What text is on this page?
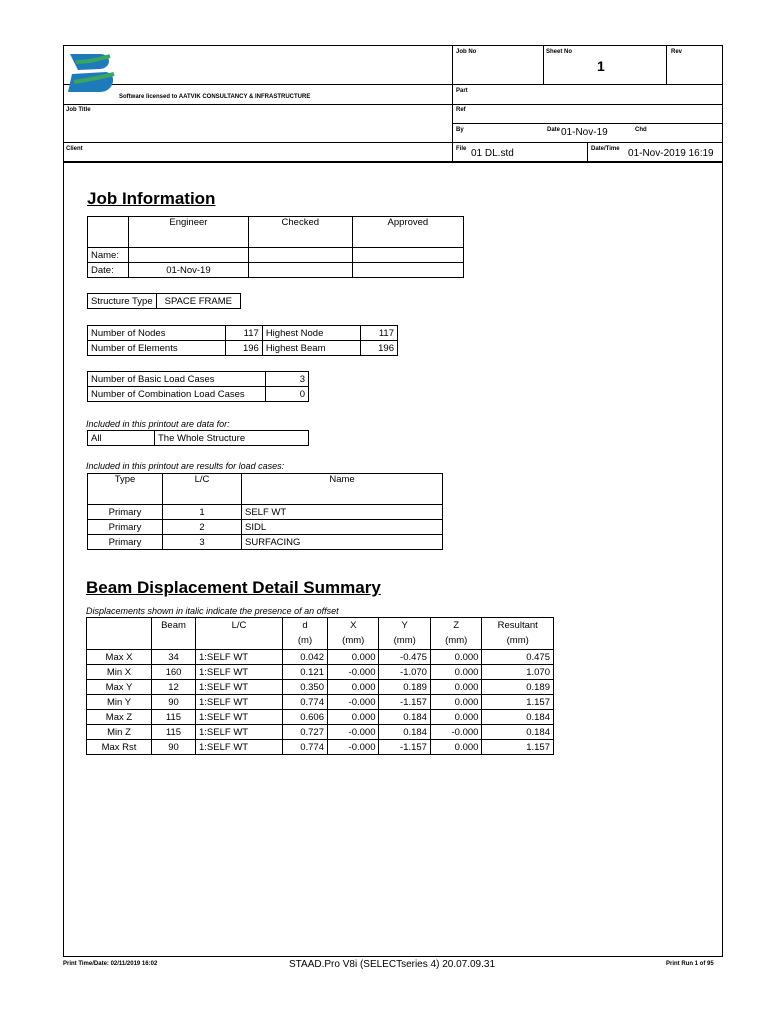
Software licensed to AATVIK CONSULTANCY & INFRASTRUCTURE
Job Title
Client
Job No	Sheet No
1
Rev
Part
Ref
By	Date 01-Nov-19	Chd
File 01 DL.std	Date/Time 01-Nov-2019 16:19
Job Information
	Engineer	Checked	Approved
Name:			
Date:	01-Nov-19		
Structure Type	SPACE FRAME
Number of Nodes	117	Highest Node	117
Number of Elements	196	Highest Beam	196
Number of Basic Load Cases	3
Number of Combination Load Cases	0
Included in this printout are data for:
All	The Whole Structure
Included in this printout are results for load cases:
Type	L/C	Name
Primary	1	SELF WT
Primary	2	SIDL
Primary	3	SURFACING
Beam Displacement Detail Summary
Displacements shown in italic indicate the presence of an offset
	Beam	L/C	d	X	Y	Z	Resultant
			(m)	(mm)	(mm)	(mm)	(mm)
Max X	34	1:SELF WT	0.042	0.000	-0.475	0.000	0.475
Min X	160	1:SELF WT	0.121	-0.000	-1.070	0.000	1.070
Max Y	12	1:SELF WT	0.350	0.000	0.189	0.000	0.189
Min Y	90	1:SELF WT	0.774	-0.000	-1.157	0.000	1.157
Max Z	115	1:SELF WT	0.606	0.000	0.184	0.000	0.184
Min Z	115	1:SELF WT	0.727	-0.000	0.184	-0.000	0.184
Max Rst	90	1:SELF WT	0.774	-0.000	-1.157	0.000	1.157
Print Time/Date: 02/11/2019 16:02	STAAD.Pro V8i (SELECTseries 4) 20.07.09.31	Print Run 1 of 95
